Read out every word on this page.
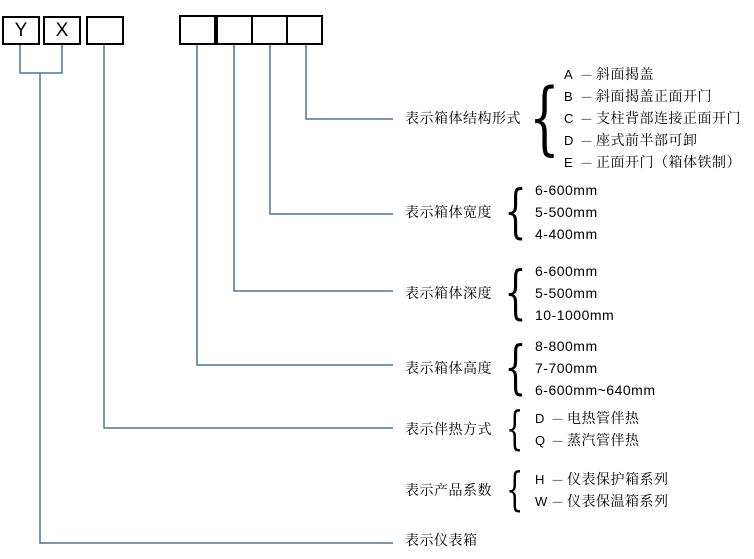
Y X
表示箱体结构形式 { A － 斜面揭盖
B － 斜面揭盖正面开门
C － 支柱背部连接正面开门
D － 座式前半部可卸
E － 正面开门（箱体铁制）
表示箱体宽度 { 6-600mm
5-500mm
4-400mm
表示箱体深度 { 6-600mm
5-500mm
10-1000mm
表示箱体高度 { 8-800mm
7-700mm
6-600mm~640mm
表示伴热方式 { D － 电热管伴热
Q － 蒸汽管伴热
表示产品系数 { H － 仪表保护箱系列
W － 仪表保温箱系列
表示仪表箱
